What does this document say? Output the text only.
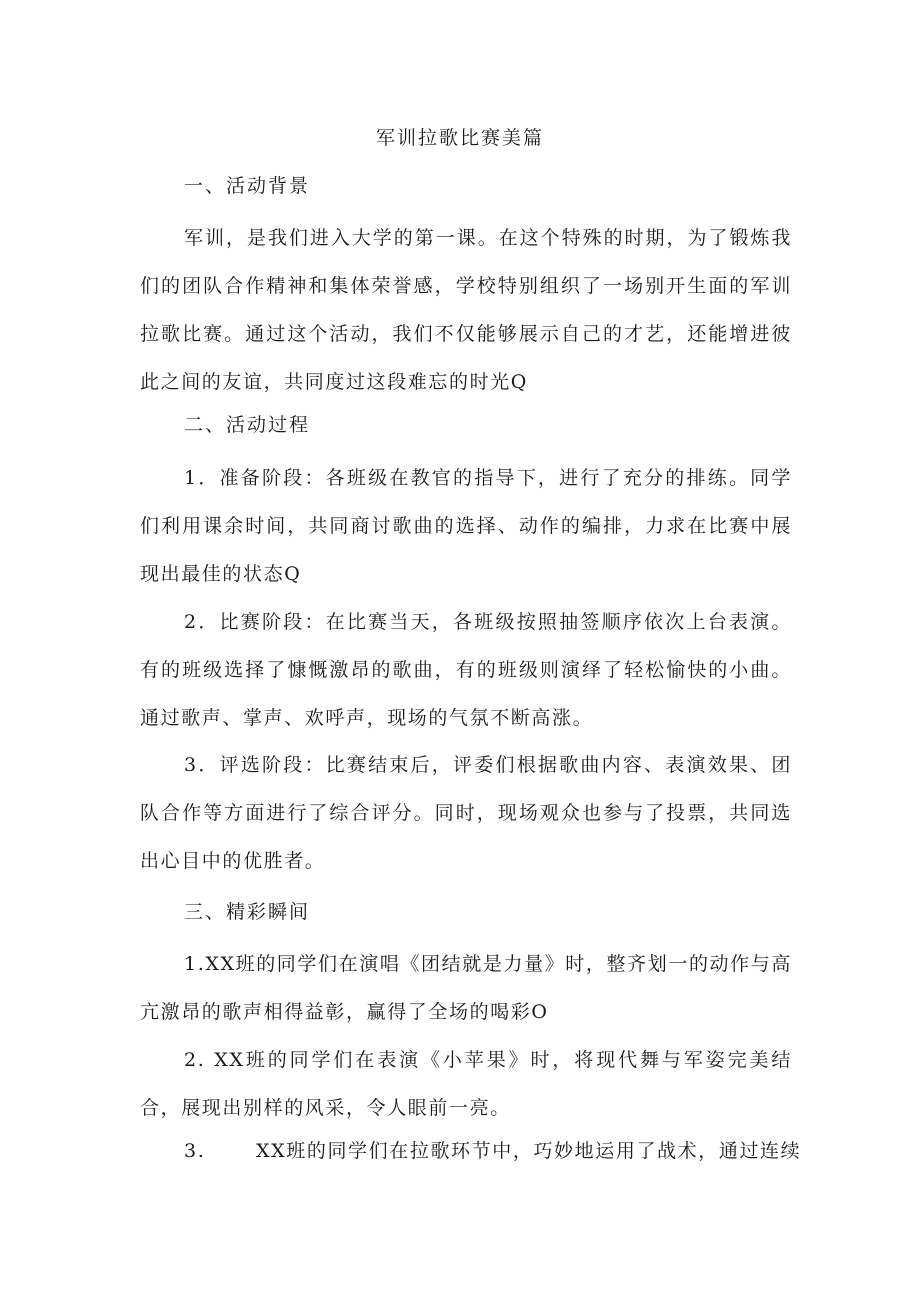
军训拉歌比赛美篇
一、活动背景

军训，是我们进入大学的第一课。在这个特殊的时期，为了锻炼我们的团队合作精神和集体荣誉感，学校特别组织了一场别开生面的军训拉歌比赛。通过这个活动，我们不仅能够展示自己的才艺，还能增进彼此之间的友谊，共同度过这段难忘的时光Q

二、活动过程

1．准备阶段：各班级在教官的指导下，进行了充分的排练。同学们利用课余时间，共同商讨歌曲的选择、动作的编排，力求在比赛中展现出最佳的状态Q

2．比赛阶段：在比赛当天，各班级按照抽签顺序依次上台表演。有的班级选择了慷慨激昂的歌曲，有的班级则演绎了轻松愉快的小曲。通过歌声、掌声、欢呼声，现场的气氛不断高涨。

3．评选阶段：比赛结束后，评委们根据歌曲内容、表演效果、团队合作等方面进行了综合评分。同时，现场观众也参与了投票，共同选出心目中的优胜者。

三、精彩瞬间

1.XX班的同学们在演唱《团结就是力量》时，整齐划一的动作与高亢激昂的歌声相得益彰，赢得了全场的喝彩O

2. XX班的同学们在表演《小苹果》时，将现代舞与军姿完美结合，展现出别样的风采，令人眼前一亮。

3.	XX班的同学们在拉歌环节中，巧妙地运用了战术，通过连续
